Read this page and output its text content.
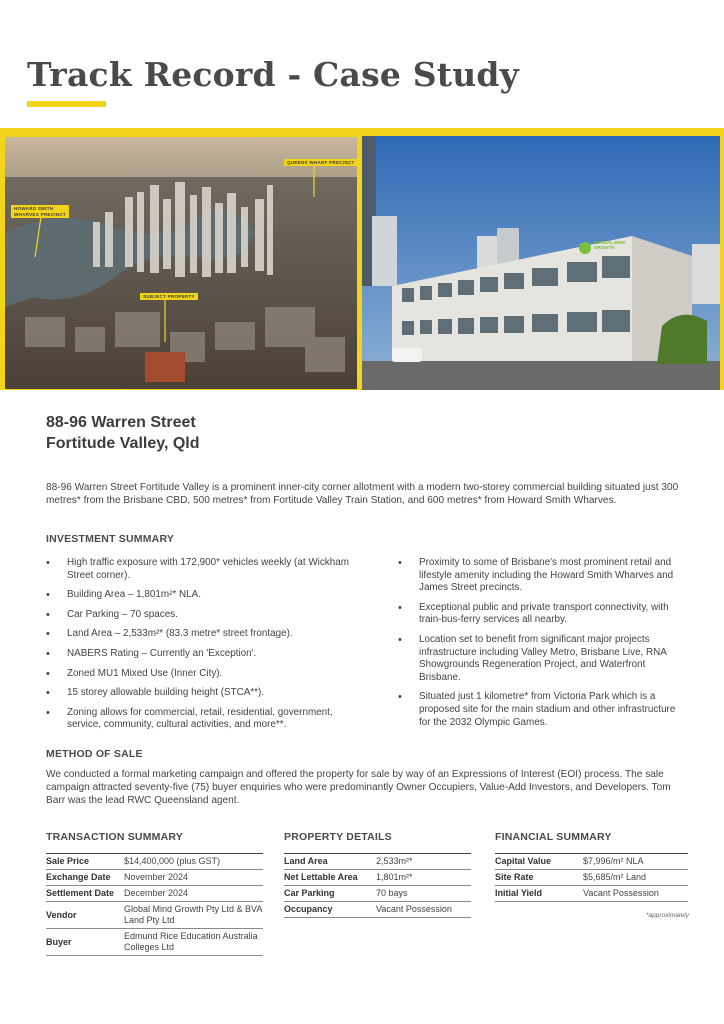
Track Record - Case Study
QUEENS WHARF PRECINCT
HOWARD SMITH
WHARVES PRECINCT
SUBJECT PROPERTY
GLOBAL MIND
GROWTH
88-96 Warren Street
Fortitude Valley, Qld

88-96 Warren Street Fortitude Valley is a prominent inner-city corner allotment with a modern two-storey commercial building situated just 300 metres* from the Brisbane CBD, 500 metres* from Fortitude Valley Train Station, and 600 metres* from Howard Smith Wharves.

INVESTMENT SUMMARY
• High traffic exposure with 172,900* vehicles weekly (at Wickham Street corner).
• Building Area – 1,801m²* NLA.
• Car Parking – 70 spaces.
• Land Area – 2,533m²* (83.3 metre* street frontage).
• NABERS Rating – Currently an 'Exception'.
• Zoned MU1 Mixed Use (Inner City).
• 15 storey allowable building height (STCA**).
• Zoning allows for commercial, retail, residential, government, service, community, cultural activities, and more**.
• Proximity to some of Brisbane's most prominent retail and lifestyle amenity including the Howard Smith Wharves and James Street precincts.
• Exceptional public and private transport connectivity, with train-bus-ferry services all nearby.
• Location set to benefit from significant major projects infrastructure including Valley Metro, Brisbane Live, RNA Showgrounds Regeneration Project, and Waterfront Brisbane.
• Situated just 1 kilometre* from Victoria Park which is a proposed site for the main stadium and other infrastructure for the 2032 Olympic Games.
METHOD OF SALE

We conducted a formal marketing campaign and offered the property for sale by way of an Expressions of Interest (EOI) process. The sale campaign attracted seventy-five (75) buyer enquiries who were predominantly Owner Occupiers, Value-Add Investors, and Developers. Tom Barr was the lead RWC Queensland agent.

TRANSACTION SUMMARY
Sale Price	$14,400,000 (plus GST)
Exchange Date	November 2024
Settlement Date	December 2024
Vendor	Global Mind Growth Pty Ltd & BVA Land Pty Ltd
Buyer	Edmund Rice Education Australia Colleges Ltd
PROPERTY DETAILS
Land Area	2,533m²*
Net Lettable Area	1,801m²*
Car Parking	70 bays
Occupancy	Vacant Possession
FINANCIAL SUMMARY
Capital Value	$7,996/m² NLA
Site Rate	$5,685/m² Land
Initial Yield	Vacant Possession
*approximately
